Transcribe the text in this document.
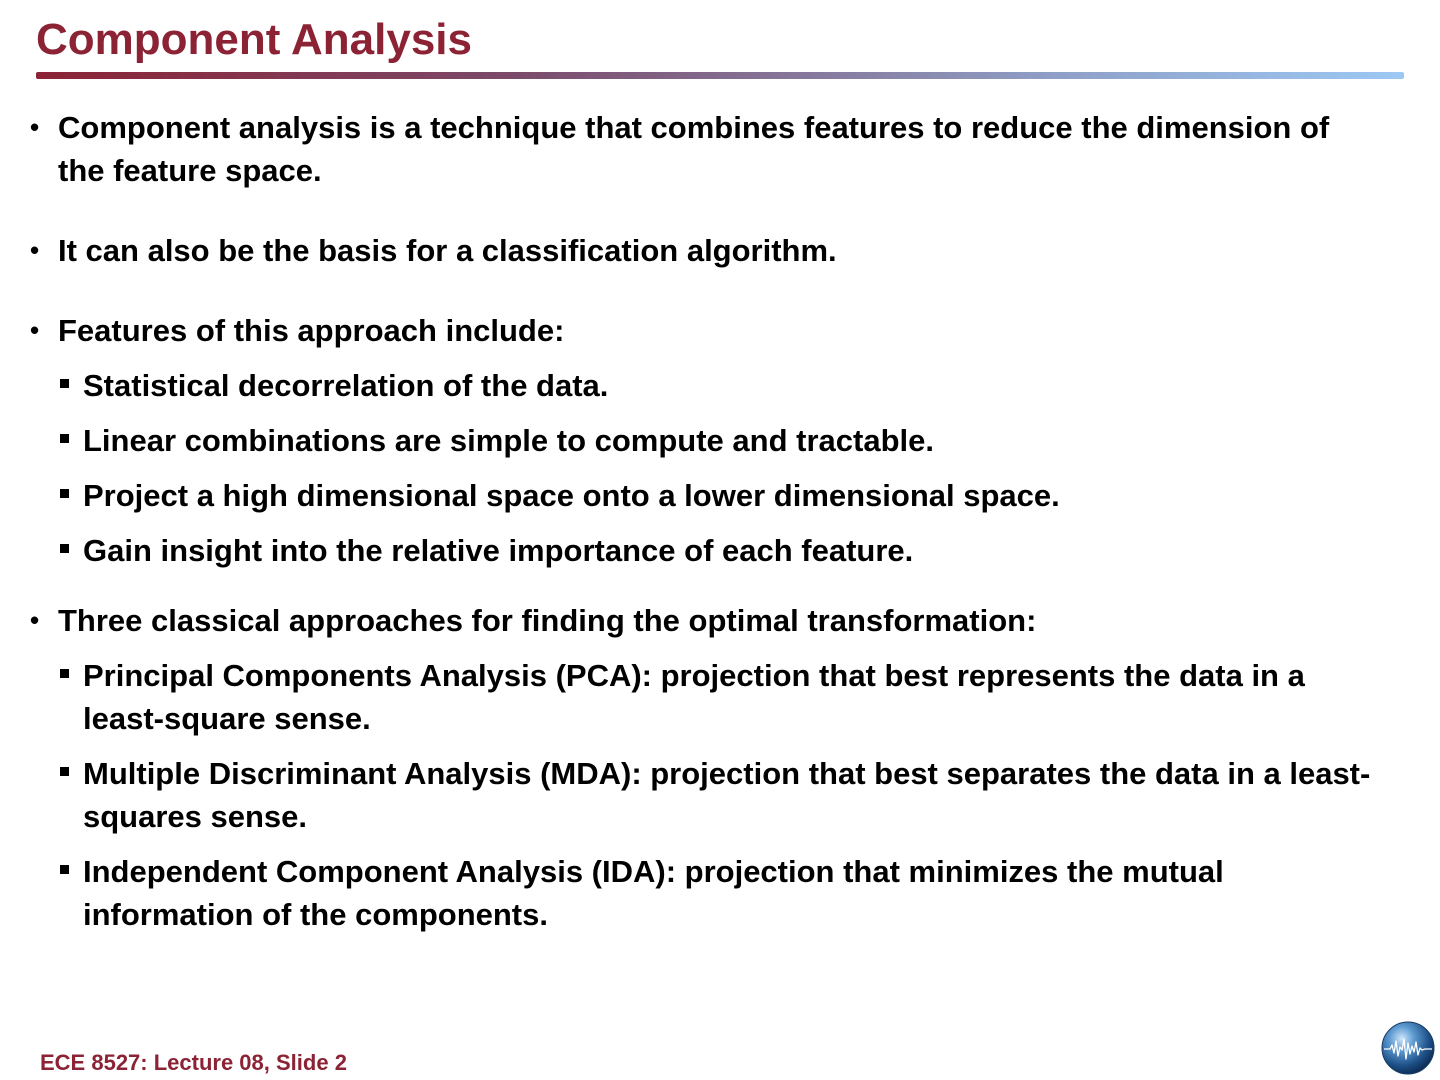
Component Analysis
• Component analysis is a technique that combines features to reduce the dimension of the feature space.
• It can also be the basis for a classification algorithm.
• Features of this approach include:
Statistical decorrelation of the data.
Linear combinations are simple to compute and tractable.
Project a high dimensional space onto a lower dimensional space.
Gain insight into the relative importance of each feature.
• Three classical approaches for finding the optimal transformation:
Principal Components Analysis (PCA): projection that best represents the data in a least-square sense.
Multiple Discriminant Analysis (MDA): projection that best separates the data in a least-squares sense.
Independent Component Analysis (IDA): projection that minimizes the mutual information of the components.
ECE 8527: Lecture 08, Slide 2
